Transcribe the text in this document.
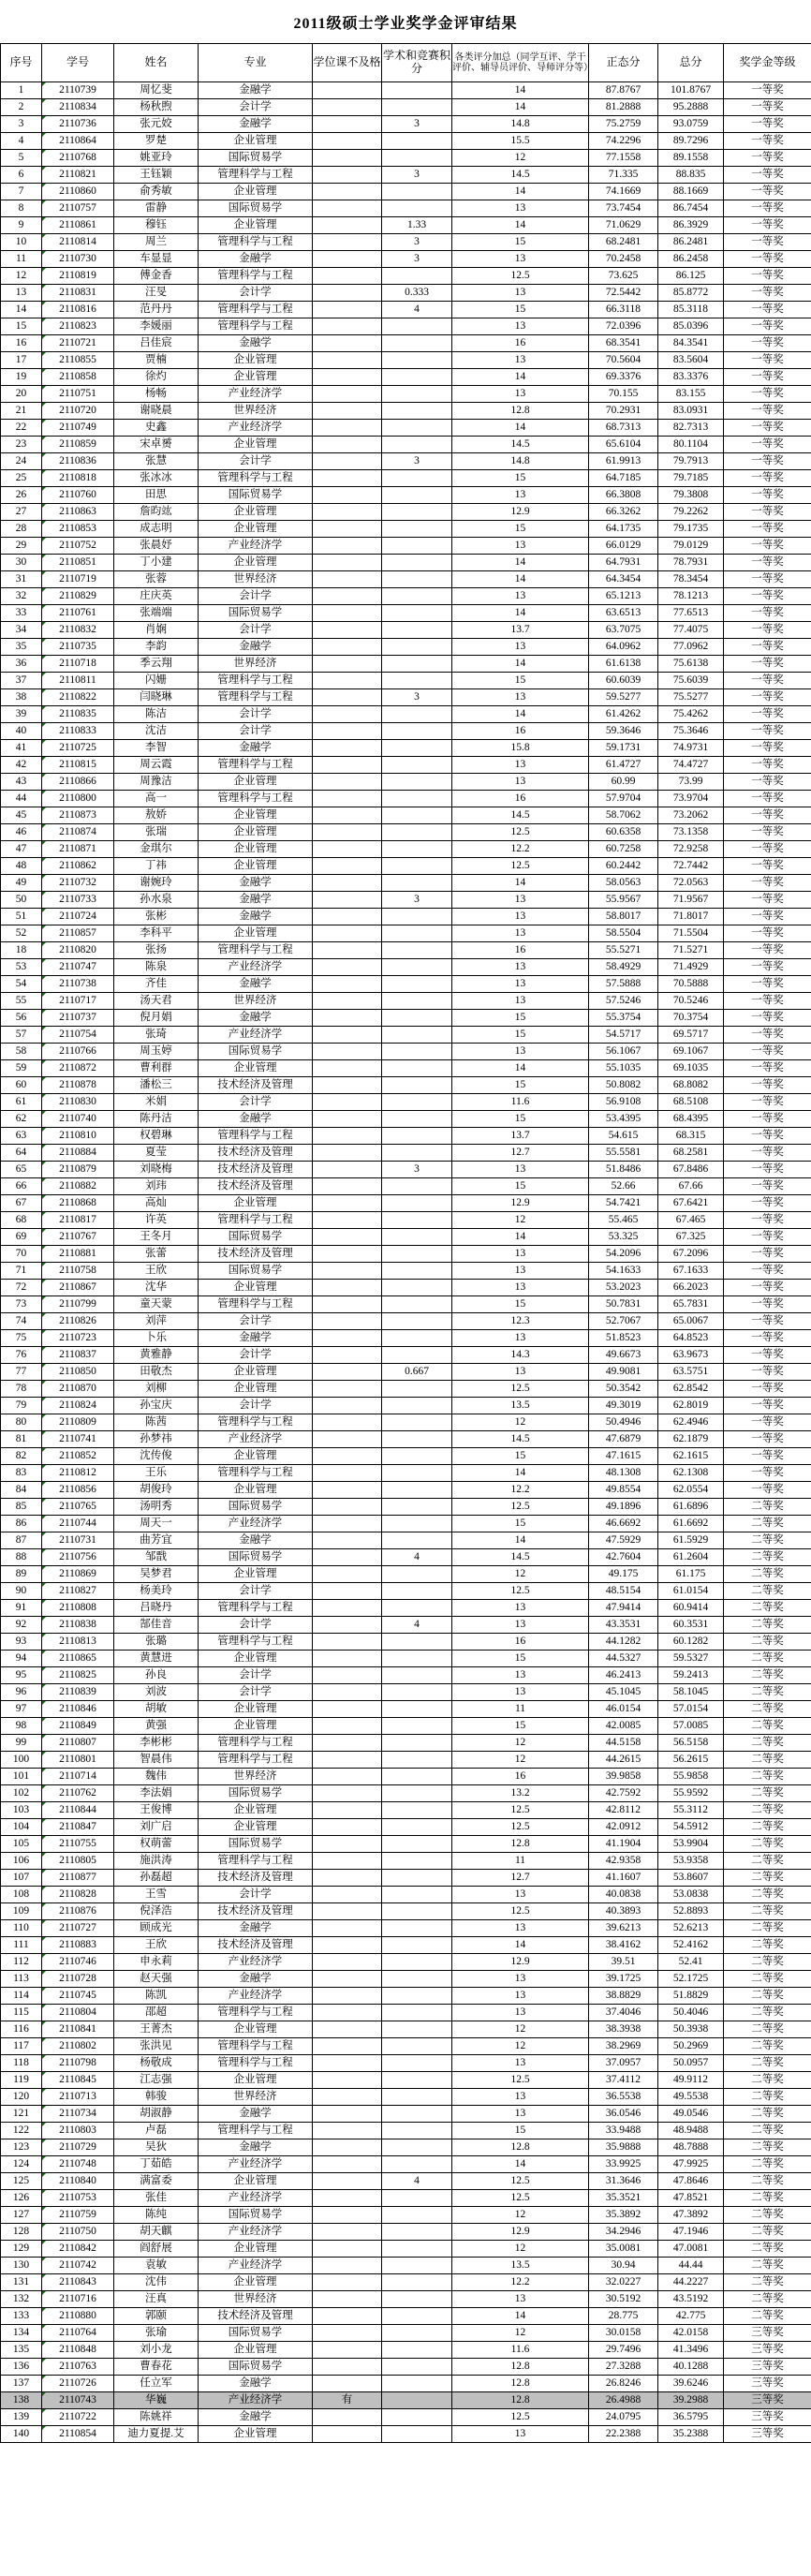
2011级硕士学业奖学金评审结果
序号	学号	姓名	专业	学位课不及格	学术和竞赛积分	各类评分加总（同学互评、学干评价、辅导员评价、导师评分等）	正态分	总分	奖学金等级
1	2110739	周忆斐	金融学			14	87.8767	101.8767	一等奖
2	2110834	杨秋煦	会计学			14	81.2888	95.2888	一等奖
3	2110736	张元姣	金融学		3	14.8	75.2759	93.0759	一等奖
4	2110864	罗楚	企业管理			15.5	74.2296	89.7296	一等奖
5	2110768	姚亚玲	国际贸易学			12	77.1558	89.1558	一等奖
6	2110821	王钰颖	管理科学与工程		3	14.5	71.335	88.835	一等奖
7	2110860	俞秀敏	企业管理			14	74.1669	88.1669	一等奖
8	2110757	雷静	国际贸易学			13	73.7454	86.7454	一等奖
9	2110861	穆钰	企业管理		1.33	14	71.0629	86.3929	一等奖
10	2110814	周兰	管理科学与工程		3	15	68.2481	86.2481	一等奖
11	2110730	车显显	金融学		3	13	70.2458	86.2458	一等奖
12	2110819	傅金香	管理科学与工程			12.5	73.625	86.125	一等奖
13	2110831	汪旻	会计学		0.333	13	72.5442	85.8772	一等奖
14	2110816	范丹丹	管理科学与工程		4	15	66.3118	85.3118	一等奖
15	2110823	李媛丽	管理科学与工程			13	72.0396	85.0396	一等奖
16	2110721	吕佳宸	金融学			16	68.3541	84.3541	一等奖
17	2110855	贾楠	企业管理			13	70.5604	83.5604	一等奖
19	2110858	徐灼	企业管理			14	69.3376	83.3376	一等奖
20	2110751	杨畅	产业经济学			13	70.155	83.155	一等奖
21	2110720	谢晓晨	世界经济			12.8	70.2931	83.0931	一等奖
22	2110749	史鑫	产业经济学			14	68.7313	82.7313	一等奖
23	2110859	宋卓赟	企业管理			14.5	65.6104	80.1104	一等奖
24	2110836	张慧	会计学		3	14.8	61.9913	79.7913	一等奖
25	2110818	张冰冰	管理科学与工程			15	64.7185	79.7185	一等奖
26	2110760	田思	国际贸易学			13	66.3808	79.3808	一等奖
27	2110863	詹昀竑	企业管理			12.9	66.3262	79.2262	一等奖
28	2110853	成志明	企业管理			15	64.1735	79.1735	一等奖
29	2110752	张晨妤	产业经济学			13	66.0129	79.0129	一等奖
30	2110851	丁小建	企业管理			14	64.7931	78.7931	一等奖
31	2110719	张蓉	世界经济			14	64.3454	78.3454	一等奖
32	2110829	庄庆英	会计学			13	65.1213	78.1213	一等奖
33	2110761	张端端	国际贸易学			14	63.6513	77.6513	一等奖
34	2110832	肖娴	会计学			13.7	63.7075	77.4075	一等奖
35	2110735	李韵	金融学			13	64.0962	77.0962	一等奖
36	2110718	季云翔	世界经济			14	61.6138	75.6138	一等奖
37	2110811	闪姗	管理科学与工程			15	60.6039	75.6039	一等奖
38	2110822	闫晓琳	管理科学与工程		3	13	59.5277	75.5277	一等奖
39	2110835	陈洁	会计学			14	61.4262	75.4262	一等奖
40	2110833	沈洁	会计学			16	59.3646	75.3646	一等奖
41	2110725	李智	金融学			15.8	59.1731	74.9731	一等奖
42	2110815	周云霞	管理科学与工程			13	61.4727	74.4727	一等奖
43	2110866	周豫洁	企业管理			13	60.99	73.99	一等奖
44	2110800	高一	管理科学与工程			16	57.9704	73.9704	一等奖
45	2110873	敖娇	企业管理			14.5	58.7062	73.2062	一等奖
46	2110874	张瑞	企业管理			12.5	60.6358	73.1358	一等奖
47	2110871	金琪尔	企业管理			12.2	60.7258	72.9258	一等奖
48	2110862	丁祎	企业管理			12.5	60.2442	72.7442	一等奖
49	2110732	谢婉玲	金融学			14	58.0563	72.0563	一等奖
50	2110733	孙水泉	金融学		3	13	55.9567	71.9567	一等奖
51	2110724	张彬	金融学			13	58.8017	71.8017	一等奖
52	2110857	李科平	企业管理			13	58.5504	71.5504	一等奖
18	2110820	张扬	管理科学与工程			16	55.5271	71.5271	一等奖
53	2110747	陈泉	产业经济学			13	58.4929	71.4929	一等奖
54	2110738	齐佳	金融学			13	57.5888	70.5888	一等奖
55	2110717	汤天君	世界经济			13	57.5246	70.5246	一等奖
56	2110737	倪月娟	金融学			15	55.3754	70.3754	一等奖
57	2110754	张琦	产业经济学			15	54.5717	69.5717	一等奖
58	2110766	周玉婷	国际贸易学			13	56.1067	69.1067	一等奖
59	2110872	曹利群	企业管理			14	55.1035	69.1035	一等奖
60	2110878	潘松三	技术经济及管理			15	50.8082	68.8082	一等奖
61	2110830	米娟	会计学			11.6	56.9108	68.5108	一等奖
62	2110740	陈丹洁	金融学			15	53.4395	68.4395	一等奖
63	2110810	权碧琳	管理科学与工程			13.7	54.615	68.315	一等奖
64	2110884	夏莹	技术经济及管理			12.7	55.5581	68.2581	一等奖
65	2110879	刘晓梅	技术经济及管理		3	13	51.8486	67.8486	一等奖
66	2110882	刘玮	技术经济及管理			15	52.66	67.66	一等奖
67	2110868	高灿	企业管理			12.9	54.7421	67.6421	一等奖
68	2110817	许英	管理科学与工程			12	55.465	67.465	一等奖
69	2110767	王冬月	国际贸易学			14	53.325	67.325	一等奖
70	2110881	张蕾	技术经济及管理			13	54.2096	67.2096	一等奖
71	2110758	王欣	国际贸易学			13	54.1633	67.1633	一等奖
72	2110867	沈华	企业管理			13	53.2023	66.2023	一等奖
73	2110799	童天蒙	管理科学与工程			15	50.7831	65.7831	一等奖
74	2110826	刘萍	会计学			12.3	52.7067	65.0067	一等奖
75	2110723	卜乐	金融学			13	51.8523	64.8523	一等奖
76	2110837	黄雅静	会计学			14.3	49.6673	63.9673	一等奖
77	2110850	田敬杰	企业管理		0.667	13	49.9081	63.5751	一等奖
78	2110870	刘柳	企业管理			12.5	50.3542	62.8542	一等奖
79	2110824	孙宝庆	会计学			13.5	49.3019	62.8019	一等奖
80	2110809	陈茜	管理科学与工程			12	50.4946	62.4946	一等奖
81	2110741	孙梦祎	产业经济学			14.5	47.6879	62.1879	一等奖
82	2110852	沈传俊	企业管理			15	47.1615	62.1615	一等奖
83	2110812	王乐	管理科学与工程			14	48.1308	62.1308	一等奖
84	2110856	胡俊玲	企业管理			12.2	49.8554	62.0554	一等奖
85	2110765	汤明秀	国际贸易学			12.5	49.1896	61.6896	二等奖
86	2110744	周天一	产业经济学			15	46.6692	61.6692	二等奖
87	2110731	曲芳宜	金融学			14	47.5929	61.5929	二等奖
88	2110756	邹戬	国际贸易学		4	14.5	42.7604	61.2604	二等奖
89	2110869	吴梦君	企业管理			12	49.175	61.175	二等奖
90	2110827	杨美玲	会计学			12.5	48.5154	61.0154	二等奖
91	2110808	吕晓丹	管理科学与工程			13	47.9414	60.9414	二等奖
92	2110838	郜佳音	会计学		4	13	43.3531	60.3531	二等奖
93	2110813	张璐	管理科学与工程			16	44.1282	60.1282	二等奖
94	2110865	黄慧进	企业管理			15	44.5327	59.5327	二等奖
95	2110825	孙良	会计学			13	46.2413	59.2413	二等奖
96	2110839	刘波	会计学			13	45.1045	58.1045	二等奖
97	2110846	胡敏	企业管理			11	46.0154	57.0154	二等奖
98	2110849	黄强	企业管理			15	42.0085	57.0085	二等奖
99	2110807	李彬彬	管理科学与工程			12	44.5158	56.5158	二等奖
100	2110801	智晨伟	管理科学与工程			12	44.2615	56.2615	二等奖
101	2110714	魏伟	世界经济			16	39.9858	55.9858	二等奖
102	2110762	李法娟	国际贸易学			13.2	42.7592	55.9592	二等奖
103	2110844	王俊博	企业管理			12.5	42.8112	55.3112	二等奖
104	2110847	刘广启	企业管理			12.5	42.0912	54.5912	二等奖
105	2110755	权萌蕾	国际贸易学			12.8	41.1904	53.9904	二等奖
106	2110805	施洪涛	管理科学与工程			11	42.9358	53.9358	二等奖
107	2110877	孙磊超	技术经济及管理			12.7	41.1607	53.8607	二等奖
108	2110828	王雪	会计学			13	40.0838	53.0838	二等奖
109	2110876	倪泽浩	技术经济及管理			12.5	40.3893	52.8893	二等奖
110	2110727	顾成光	金融学			13	39.6213	52.6213	二等奖
111	2110883	王欣	技术经济及管理			14	38.4162	52.4162	二等奖
112	2110746	申永莉	产业经济学			12.9	39.51	52.41	二等奖
113	2110728	赵天强	金融学			13	39.1725	52.1725	二等奖
114	2110745	陈凯	产业经济学			13	38.8829	51.8829	二等奖
115	2110804	邵超	管理科学与工程			13	37.4046	50.4046	二等奖
116	2110841	王菁杰	企业管理			12	38.3938	50.3938	二等奖
117	2110802	张洪见	管理科学与工程			12	38.2969	50.2969	二等奖
118	2110798	杨敬成	管理科学与工程			13	37.0957	50.0957	二等奖
119	2110845	江志强	企业管理			12.5	37.4112	49.9112	二等奖
120	2110713	韩骏	世界经济			13	36.5538	49.5538	二等奖
121	2110734	胡淑静	金融学			13	36.0546	49.0546	二等奖
122	2110803	卢磊	管理科学与工程			15	33.9488	48.9488	二等奖
123	2110729	吴狄	金融学			12.8	35.9888	48.7888	二等奖
124	2110748	丁茹皓	产业经济学			14	33.9925	47.9925	二等奖
125	2110840	满富委	企业管理		4	12.5	31.3646	47.8646	二等奖
126	2110753	张佳	产业经济学			12.5	35.3521	47.8521	二等奖
127	2110759	陈纯	国际贸易学			12	35.3892	47.3892	二等奖
128	2110750	胡天麒	产业经济学			12.9	34.2946	47.1946	二等奖
129	2110842	阎舒展	企业管理			12	35.0081	47.0081	二等奖
130	2110742	袁敏	产业经济学			13.5	30.94	44.44	二等奖
131	2110843	沈伟	企业管理			12.2	32.0227	44.2227	二等奖
132	2110716	汪真	世界经济			13	30.5192	43.5192	二等奖
133	2110880	郭颐	技术经济及管理			14	28.775	42.775	二等奖
134	2110764	张瑜	国际贸易学			12	30.0158	42.0158	三等奖
135	2110848	刘小龙	企业管理			11.6	29.7496	41.3496	三等奖
136	2110763	曹春花	国际贸易学			12.8	27.3288	40.1288	三等奖
137	2110726	任立军	金融学			12.8	26.8246	39.6246	三等奖
138	2110743	华巍	产业经济学	有		12.8	26.4988	39.2988	三等奖
139	2110722	陈姚祥	金融学			12.5	24.0795	36.5795	三等奖
140	2110854	迪力夏提.艾	企业管理			13	22.2388	35.2388	三等奖
